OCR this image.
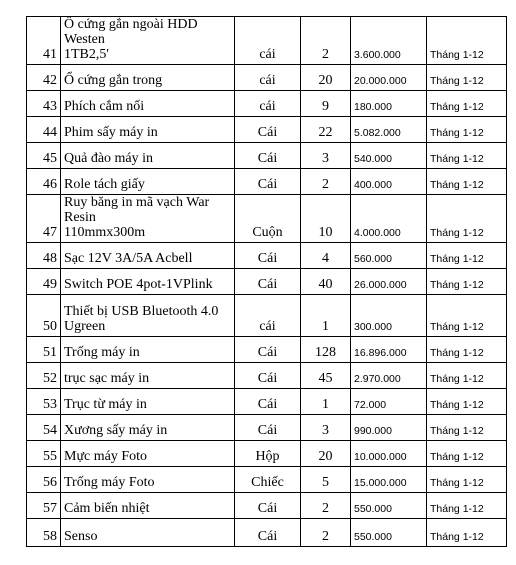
41	Ổ cứng gắn ngoài HDD Westen
1TB2,5'	cái	2	3.600.000	Tháng 1-12
42	Ổ cứng gắn trong	cái	20	20.000.000	Tháng 1-12
43	Phích cắm nối	cái	9	180.000	Tháng 1-12
44	Phim sấy máy in	Cái	22	5.082.000	Tháng 1-12
45	Quả đào máy in	Cái	3	540.000	Tháng 1-12
46	Role tách giấy	Cái	2	400.000	Tháng 1-12
47	Ruy băng in mã vạch War Resin
110mmx300m	Cuộn	10	4.000.000	Tháng 1-12
48	Sạc 12V 3A/5A Acbell	Cái	4	560.000	Tháng 1-12
49	Switch POE 4pot-1VPlink	Cái	40	26.000.000	Tháng 1-12
50	Thiết bị USB Bluetooth 4.0
Ugreen	cái	1	300.000	Tháng 1-12
51	Trống máy in	Cái	128	16.896.000	Tháng 1-12
52	trục sạc máy in	Cái	45	2.970.000	Tháng 1-12
53	Trục từ máy in	Cái	1	72.000	Tháng 1-12
54	Xương sấy máy in	Cái	3	990.000	Tháng 1-12
55	Mực máy Foto	Hộp	20	10.000.000	Tháng 1-12
56	Trống máy Foto	Chiếc	5	15.000.000	Tháng 1-12
57	Cảm biến nhiệt	Cái	2	550.000	Tháng 1-12
58	Senso	Cái	2	550.000	Tháng 1-12
